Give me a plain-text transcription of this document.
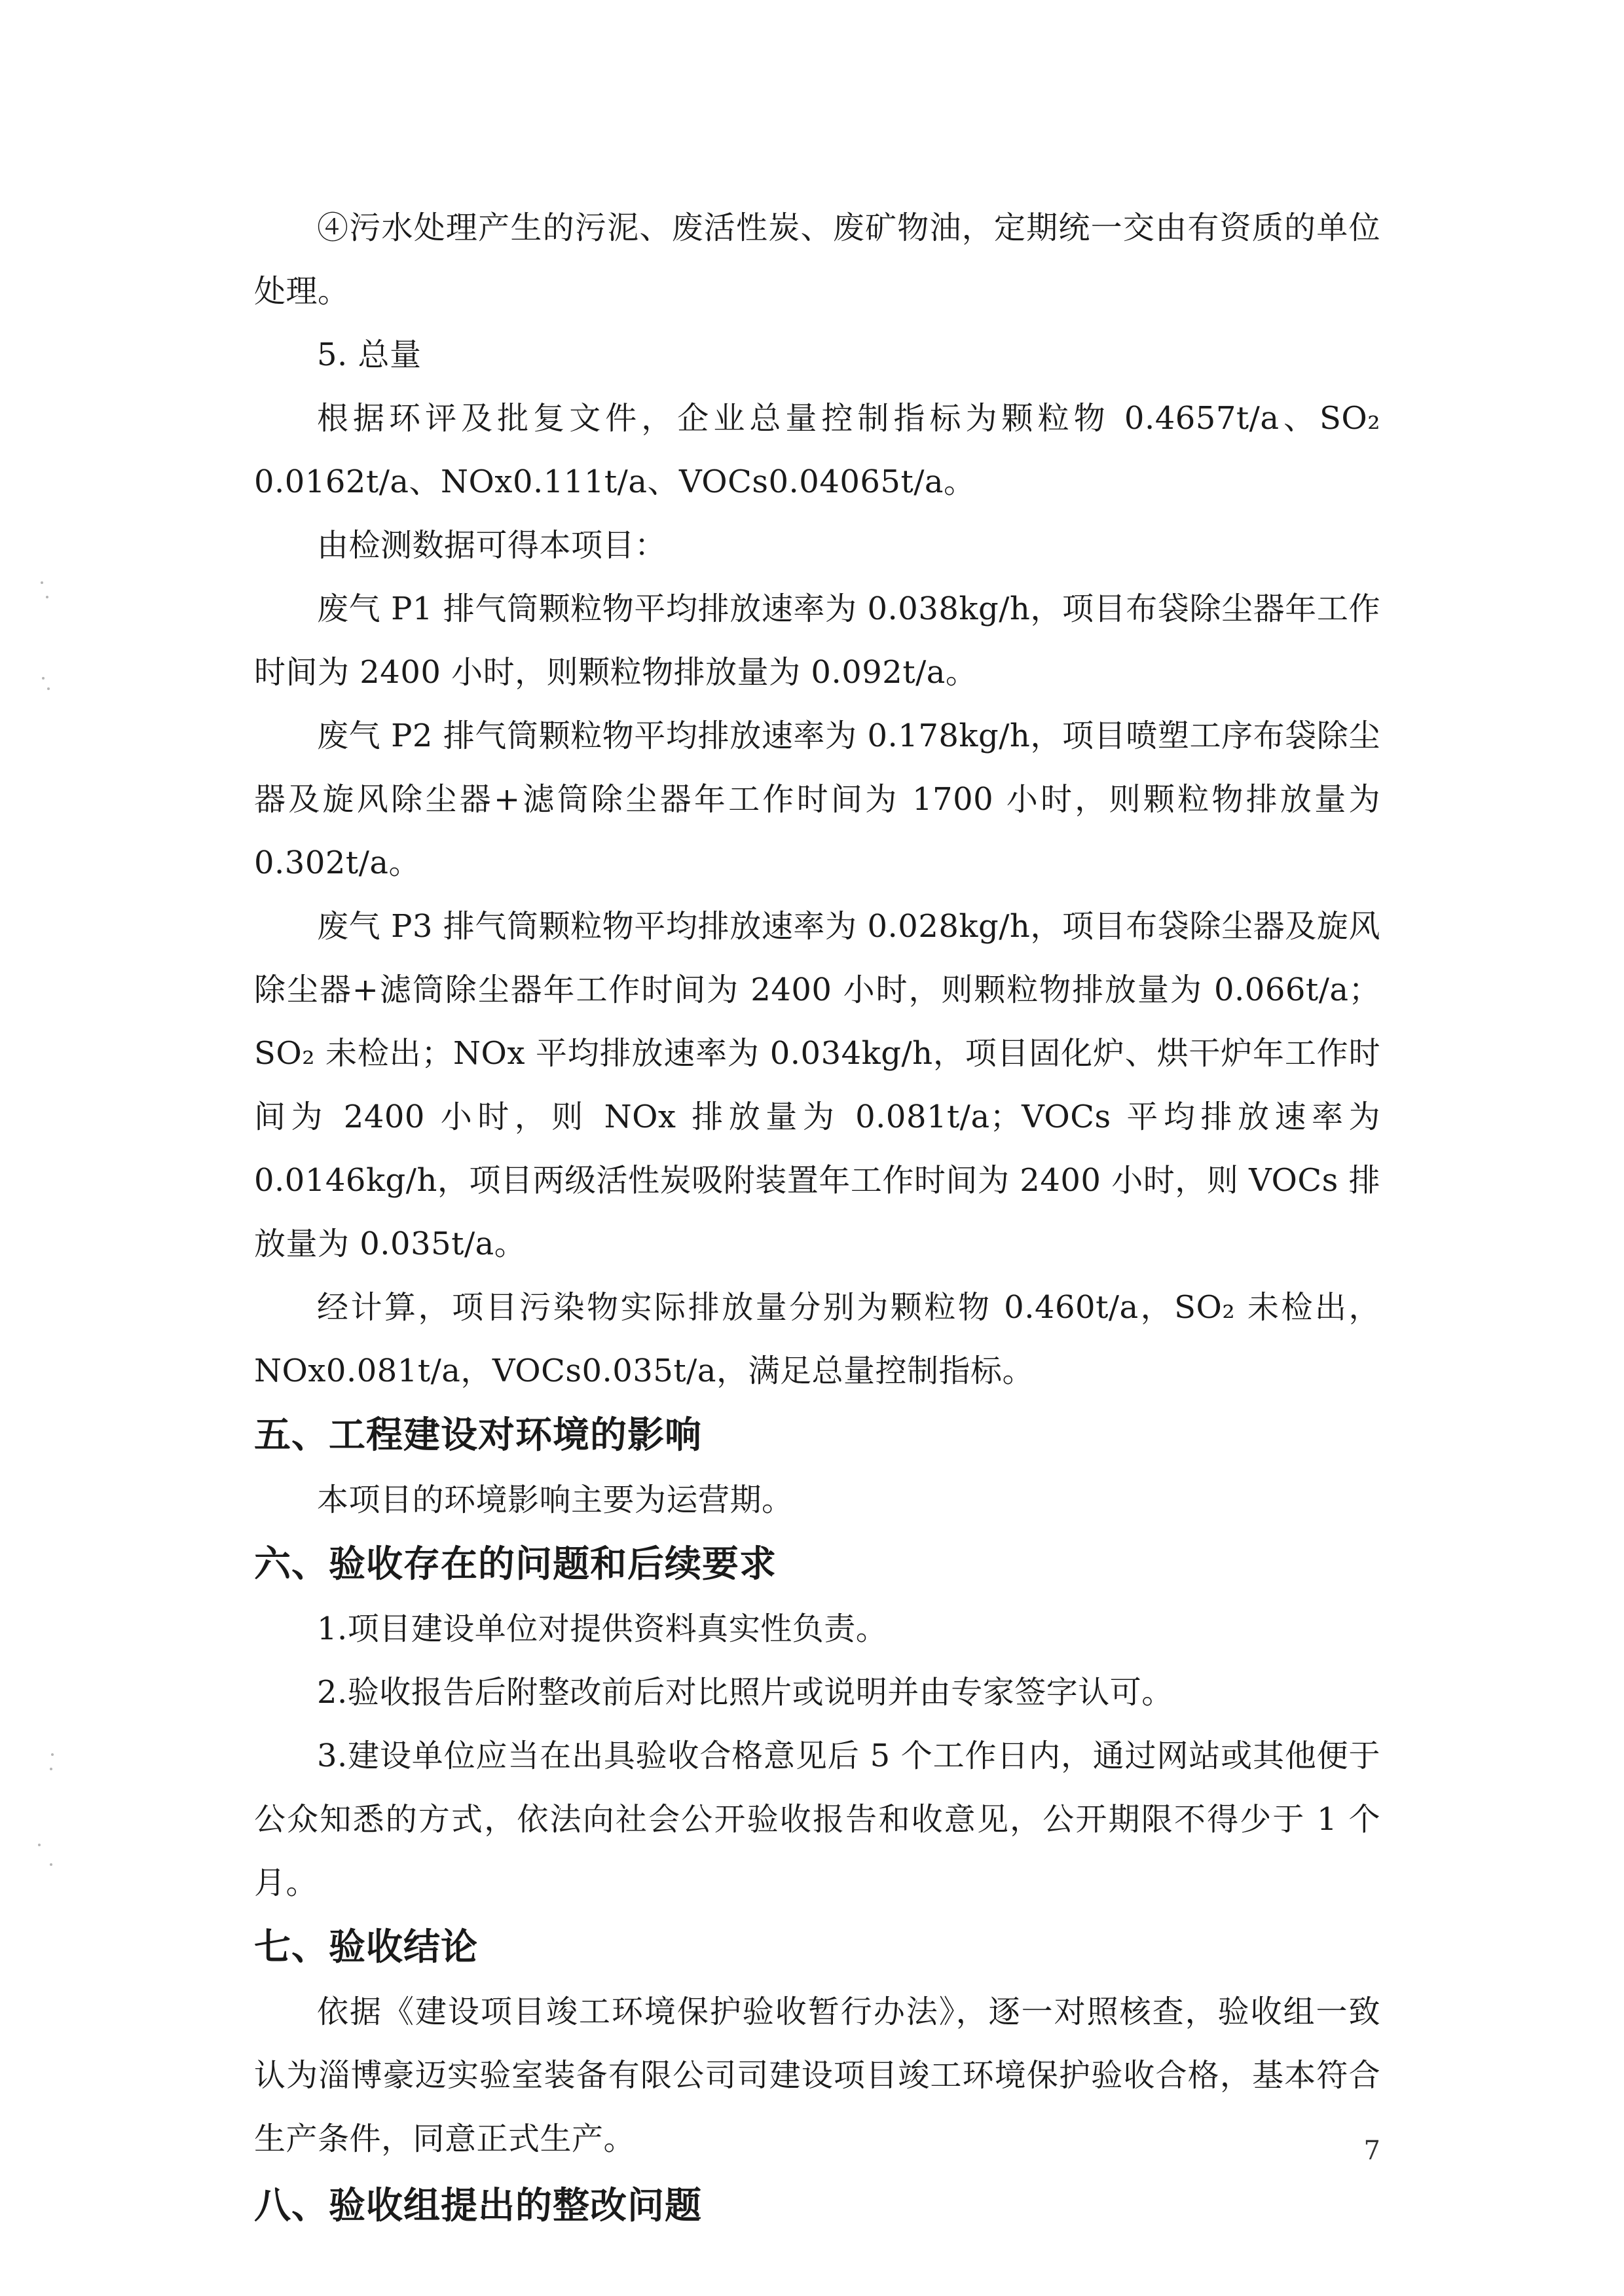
④污水处理产生的污泥、废活性炭、废矿物油，定期统一交由有资质的单位处理。

5. 总量

根据环评及批复文件，企业总量控制指标为颗粒物 0.4657t/a、SO₂ 0.0162t/a、NOx0.111t/a、VOCs0.04065t/a。

由检测数据可得本项目：

废气 P1 排气筒颗粒物平均排放速率为 0.038kg/h，项目布袋除尘器年工作时间为 2400 小时，则颗粒物排放量为 0.092t/a。

废气 P2 排气筒颗粒物平均排放速率为 0.178kg/h，项目喷塑工序布袋除尘器及旋风除尘器+滤筒除尘器年工作时间为 1700 小时，则颗粒物排放量为 0.302t/a。

废气 P3 排气筒颗粒物平均排放速率为 0.028kg/h，项目布袋除尘器及旋风除尘器+滤筒除尘器年工作时间为 2400 小时，则颗粒物排放量为 0.066t/a；SO₂ 未检出；NOx 平均排放速率为 0.034kg/h，项目固化炉、烘干炉年工作时间为 2400 小时，则 NOx 排放量为 0.081t/a；VOCs 平均排放速率为 0.0146kg/h，项目两级活性炭吸附装置年工作时间为 2400 小时，则 VOCs 排放量为 0.035t/a。

经计算，项目污染物实际排放量分别为颗粒物 0.460t/a，SO₂ 未检出，NOx0.081t/a，VOCs0.035t/a，满足总量控制指标。

五、工程建设对环境的影响

本项目的环境影响主要为运营期。

六、验收存在的问题和后续要求

1.项目建设单位对提供资料真实性负责。

2.验收报告后附整改前后对比照片或说明并由专家签字认可。

3.建设单位应当在出具验收合格意见后 5 个工作日内，通过网站或其他便于公众知悉的方式，依法向社会公开验收报告和收意见，公开期限不得少于 1 个月。

七、验收结论

依据《建设项目竣工环境保护验收暂行办法》，逐一对照核查，验收组一致认为淄博豪迈实验室装备有限公司司建设项目竣工环境保护验收合格，基本符合生产条件，同意正式生产。

八、验收组提出的整改问题
7
